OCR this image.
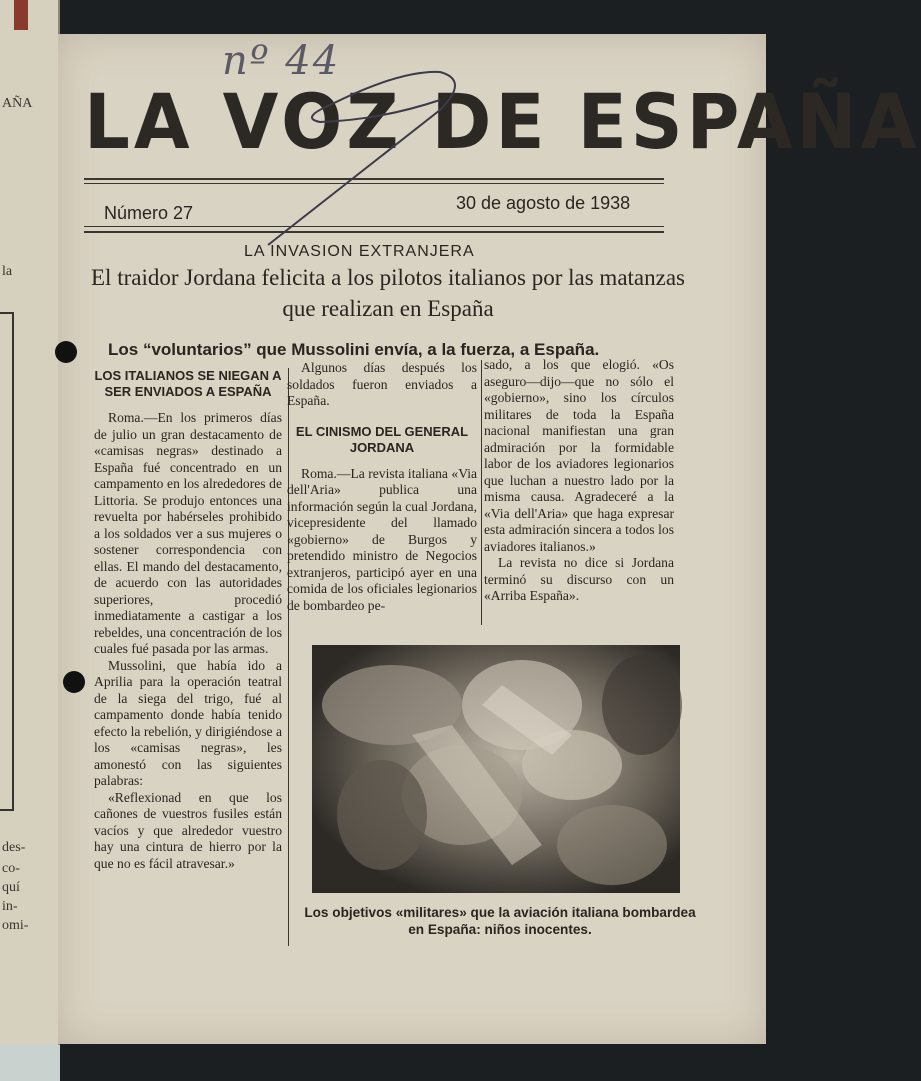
AÑA
la
des-
co-
quí
in-
omi-
nº 44
LA VOZ DE ESPAÑA
Número 27	30 de agosto de 1938
LA INVASION EXTRANJERA
El traidor Jordana felicita a los pilotos italianos por las matanzas que realizan en España
Los “voluntarios” que Mussolini envía, a la fuerza, a España.
LOS ITALIANOS SE NIEGAN A SER ENVIADOS A ESPAÑA

Roma.—En los primeros días de julio un gran destacamento de «camisas negras» destinado a España fué concentrado en un campamento en los alrededores de Littoria. Se produjo entonces una revuelta por habérseles prohibido a los soldados ver a sus mujeres o sostener correspondencia con ellas. El mando del destacamento, de acuerdo con las autoridades superiores, procedió inmediatamente a castigar a los rebeldes, una concentración de los cuales fué pasada por las armas.

Mussolini, que había ido a Aprilia para la operación teatral de la siega del trigo, fué al campamento donde había tenido efecto la rebelión, y dirigiéndose a los «camisas negras», les amonestó con las siguientes palabras:

«Reflexionad en que los cañones de vuestros fusiles están vacíos y que alrededor vuestro hay una cintura de hierro por la que no es fácil atravesar.»

Algunos días después los soldados fueron enviados a España.

EL CINISMO DEL GENERAL JORDANA

Roma.—La revista italiana «Via dell'Aria» publica una información según la cual Jordana, vicepresidente del llamado «gobierno» de Burgos y pretendido ministro de Negocios extranjeros, participó ayer en una comida de los oficiales legionarios de bombardeo pe-

sado, a los que elogió. «Os aseguro—dijo—que no sólo el «gobierno», sino los círculos militares de toda la España nacional manifiestan una gran admiración por la formidable labor de los aviadores legionarios que luchan a nuestro lado por la misma causa. Agradeceré a la «Via dell'Aria» que haga expresar esta admiración sincera a todos los aviadores italianos.»

La revista no dice si Jordana terminó su discurso con un «Arriba España».

Los objetivos «militares» que la aviación italiana bombardea en España: niños inocentes.
